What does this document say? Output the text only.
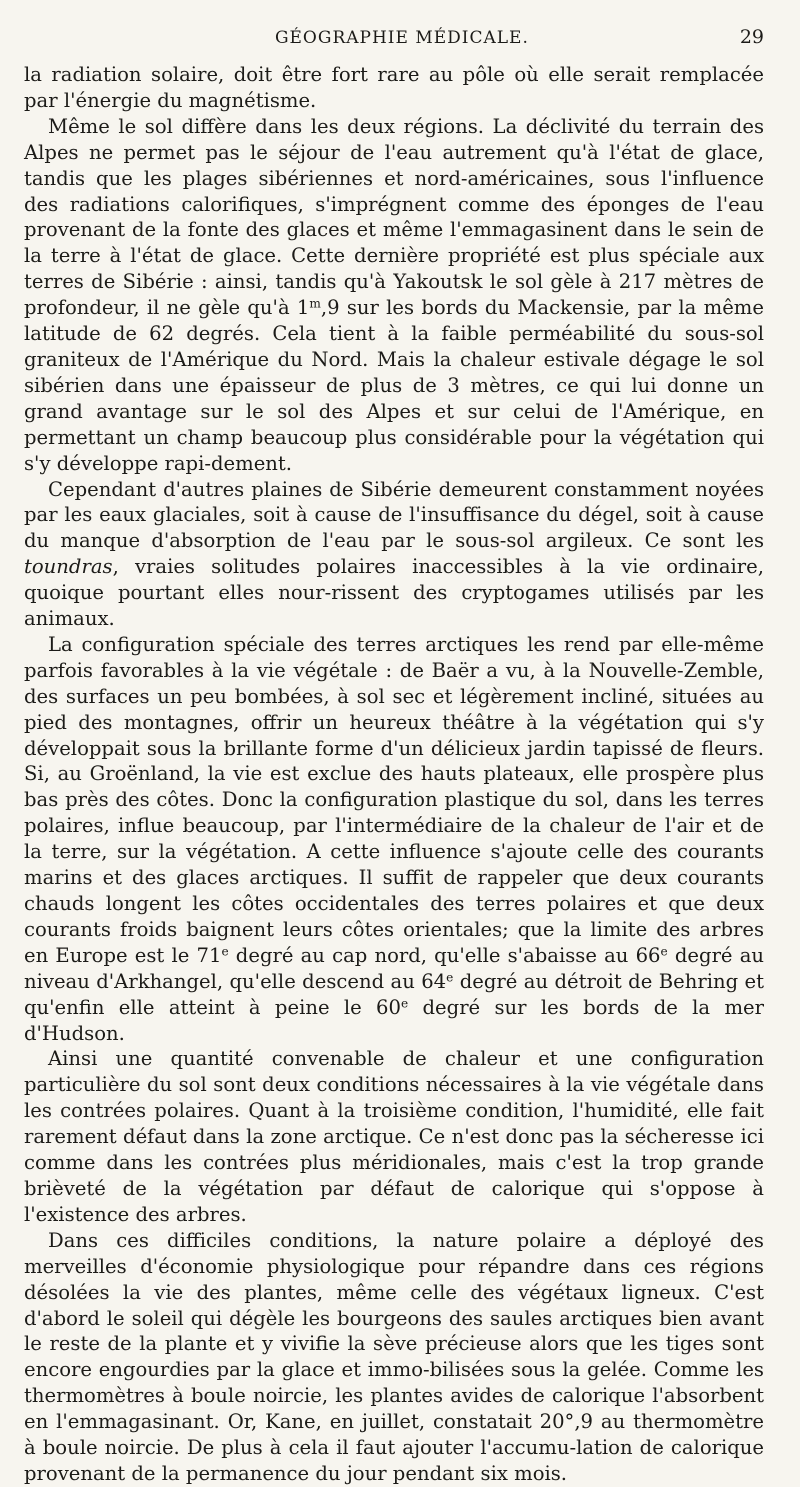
GÉOGRAPHIE MÉDICALE.	29

la radiation solaire, doit être fort rare au pôle où elle serait remplacée par l'énergie du magnétisme.

Même le sol diffère dans les deux régions. La déclivité du terrain des Alpes ne permet pas le séjour de l'eau autrement qu'à l'état de glace, tandis que les plages sibériennes et nord-américaines, sous l'influence des radiations calorifiques, s'imprégnent comme des éponges de l'eau provenant de la fonte des glaces et même l'emmagasinent dans le sein de la terre à l'état de glace. Cette dernière propriété est plus spéciale aux terres de Sibérie : ainsi, tandis qu'à Yakoutsk le sol gèle à 217 mètres de profondeur, il ne gèle qu'à 1$^m$,9 sur les bords du Mackensie, par la même latitude de 62 degrés. Cela tient à la faible perméabilité du sous-sol graniteux de l'Amérique du Nord. Mais la chaleur estivale dégage le sol sibérien dans une épaisseur de plus de 3 mètres, ce qui lui donne un grand avantage sur le sol des Alpes et sur celui de l'Amérique, en permettant un champ beaucoup plus considérable pour la végétation qui s'y développe rapi-dement.

Cependant d'autres plaines de Sibérie demeurent constamment noyées par les eaux glaciales, soit à cause de l'insuffisance du dégel, soit à cause du manque d'absorption de l'eau par le sous-sol argileux. Ce sont les toundras, vraies solitudes polaires inaccessibles à la vie ordinaire, quoique pourtant elles nour-rissent des cryptogames utilisés par les animaux.

La configuration spéciale des terres arctiques les rend par elle-même parfois favorables à la vie végétale : de Baër a vu, à la Nouvelle-Zemble, des surfaces un peu bombées, à sol sec et légèrement incliné, situées au pied des montagnes, offrir un heureux théâtre à la végétation qui s'y développait sous la brillante forme d'un délicieux jardin tapissé de fleurs. Si, au Groënland, la vie est exclue des hauts plateaux, elle prospère plus bas près des côtes. Donc la configuration plastique du sol, dans les terres polaires, influe beaucoup, par l'intermédiaire de la chaleur de l'air et de la terre, sur la végétation. A cette influence s'ajoute celle des courants marins et des glaces arctiques. Il suffit de rappeler que deux courants chauds longent les côtes occidentales des terres polaires et que deux courants froids baignent leurs côtes orientales; que la limite des arbres en Europe est le 71e degré au cap nord, qu'elle s'abaisse au 66e degré au niveau d'Arkhangel, qu'elle descend au 64e degré au détroit de Behring et qu'enfin elle atteint à peine le 60e degré sur les bords de la mer d'Hudson.

Ainsi une quantité convenable de chaleur et une configuration particulière du sol sont deux conditions nécessaires à la vie végétale dans les contrées polaires. Quant à la troisième condition, l'humidité, elle fait rarement défaut dans la zone arctique. Ce n'est donc pas la sécheresse ici comme dans les contrées plus méridionales, mais c'est la trop grande brièveté de la végétation par défaut de calorique qui s'oppose à l'existence des arbres.

Dans ces difficiles conditions, la nature polaire a déployé des merveilles d'économie physiologique pour répandre dans ces régions désolées la vie des plantes, même celle des végétaux ligneux. C'est d'abord le soleil qui dégèle les bourgeons des saules arctiques bien avant le reste de la plante et y vivifie la sève précieuse alors que les tiges sont encore engourdies par la glace et immo-bilisées sous la gelée. Comme les thermomètres à boule noircie, les plantes avides de calorique l'absorbent en l'emmagasinant. Or, Kane, en juillet, constatait 20°,9 au thermomètre à boule noircie. De plus à cela il faut ajouter l'accumu-lation de calorique provenant de la permanence du jour pendant six mois.
